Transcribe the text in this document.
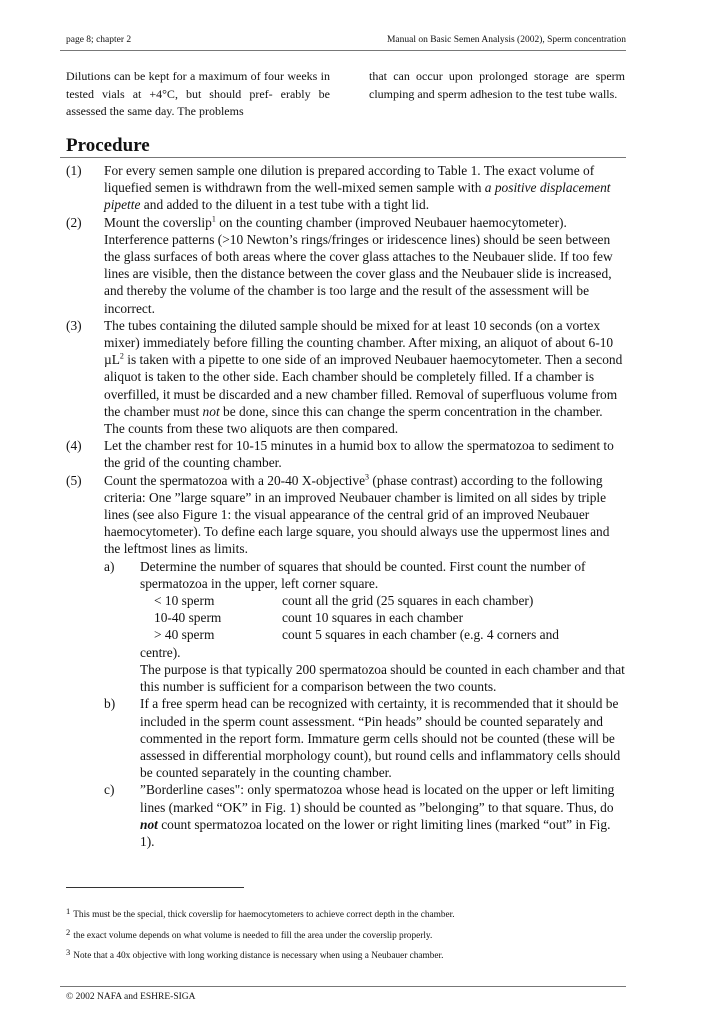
page 8; chapter 2	Manual on Basic Semen Analysis (2002), Sperm concentration
Dilutions can be kept for a maximum of four weeks in tested vials at +4°C, but should pref- erably be assessed the same day. The problems
that can occur upon prolonged storage are sperm clumping and sperm adhesion to the test tube walls.
Procedure
(1)	For every semen sample one dilution is prepared according to Table 1. The exact volume of liquefied semen is withdrawn from the well-mixed semen sample with a positive displacement pipette and added to the diluent in a test tube with a tight lid.
(2)	Mount the coverslip$^1$ on the counting chamber (improved Neubauer haemocytometer). Interference patterns (>10 Newton’s rings/fringes or iridescence lines) should be seen between the glass surfaces of both areas where the cover glass attaches to the Neubauer slide. If too few lines are visible, then the distance between the cover glass and the Neubauer slide is increased, and thereby the volume of the chamber is too large and the result of the assessment will be incorrect.
(3)	The tubes containing the diluted sample should be mixed for at least 10 seconds (on a vortex mixer) immediately before filling the counting chamber. After mixing, an aliquot of about 6-10 µL$^2$ is taken with a pipette to one side of an improved Neubauer haemocytometer. Then a second aliquot is taken to the other side. Each chamber should be completely filled. If a chamber is overfilled, it must be discarded and a new chamber filled. Removal of superfluous volume from the chamber must not be done, since this can change the sperm concentration in the chamber. The counts from these two aliquots are then compared.
(4)	Let the chamber rest for 10-15 minutes in a humid box to allow the spermatozoa to sediment to the grid of the counting chamber.
(5)	Count the spermatozoa with a 20-40 X-objective$^3$ (phase contrast) according to the following criteria: One ”large square” in an improved Neubauer chamber is limited on all sides by triple lines (see also Figure 1: the visual appearance of the central grid of an improved Neubauer haemocytometer). To define each large square, you should always use the uppermost lines and the leftmost lines as limits.
a)	Determine the number of squares that should be counted. First count the number of spermatozoa in the upper, left corner square.
< 10 sperm	count all the grid (25 squares in each chamber)
10-40 sperm	count 10 squares in each chamber
> 40 sperm	count 5 squares in each chamber (e.g. 4 corners and
centre).
The purpose is that typically 200 spermatozoa should be counted in each chamber and that this number is sufficient for a comparison between the two counts.
b)	If a free sperm head can be recognized with certainty, it is recommended that it should be included in the sperm count assessment. “Pin heads” should be counted separately and commented in the report form. Immature germ cells should not be counted (these will be assessed in differential morphology count), but round cells and inflammatory cells should be counted separately in the counting chamber.
c)	”Borderline cases": only spermatozoa whose head is located on the upper or left limiting lines (marked “OK” in Fig. 1) should be counted as ”belonging” to that square. Thus, do not count spermatozoa located on the lower or right limiting lines (marked “out” in Fig. 1).
1 This must be the special, thick coverslip for haemocytometers to achieve correct depth in the chamber.
2 the exact volume depends on what volume is needed to fill the area under the coverslip properly.
3 Note that a 40x objective with long working distance is necessary when using a Neubauer chamber.
© 2002 NAFA and ESHRE-SIGA
